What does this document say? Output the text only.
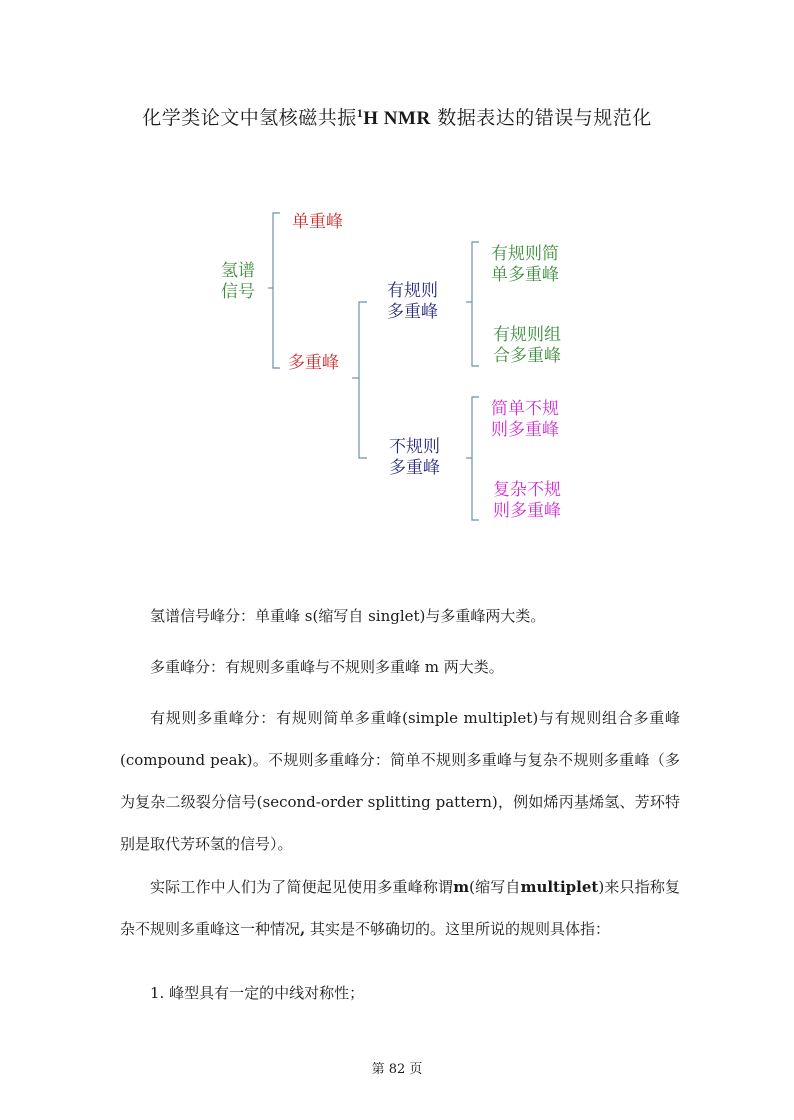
化学类论文中氢核磁共振$^1$H NMR 数据表达的错误与规范化
氢谱
信号
单重峰
多重峰
有规则
多重峰
不规则
多重峰
有规则简
单多重峰
有规则组
合多重峰
简单不规
则多重峰
复杂不规
则多重峰
氢谱信号峰分：单重峰 s(缩写自 singlet)与多重峰两大类。
多重峰分：有规则多重峰与不规则多重峰 m 两大类。
有规则多重峰分：有规则简单多重峰(simple multiplet)与有规则组合多重峰(compound peak)。不规则多重峰分：简单不规则多重峰与复杂不规则多重峰（多为复杂二级裂分信号(second-order splitting pattern)，例如烯丙基烯氢、芳环特别是取代芳环氢的信号）。
实际工作中人们为了简便起见使用多重峰称谓m(缩写自multiplet)来只指称复杂不规则多重峰这一种情况, 其实是不够确切的。这里所说的规则具体指：
1. 峰型具有一定的中线对称性；
第 82 页
